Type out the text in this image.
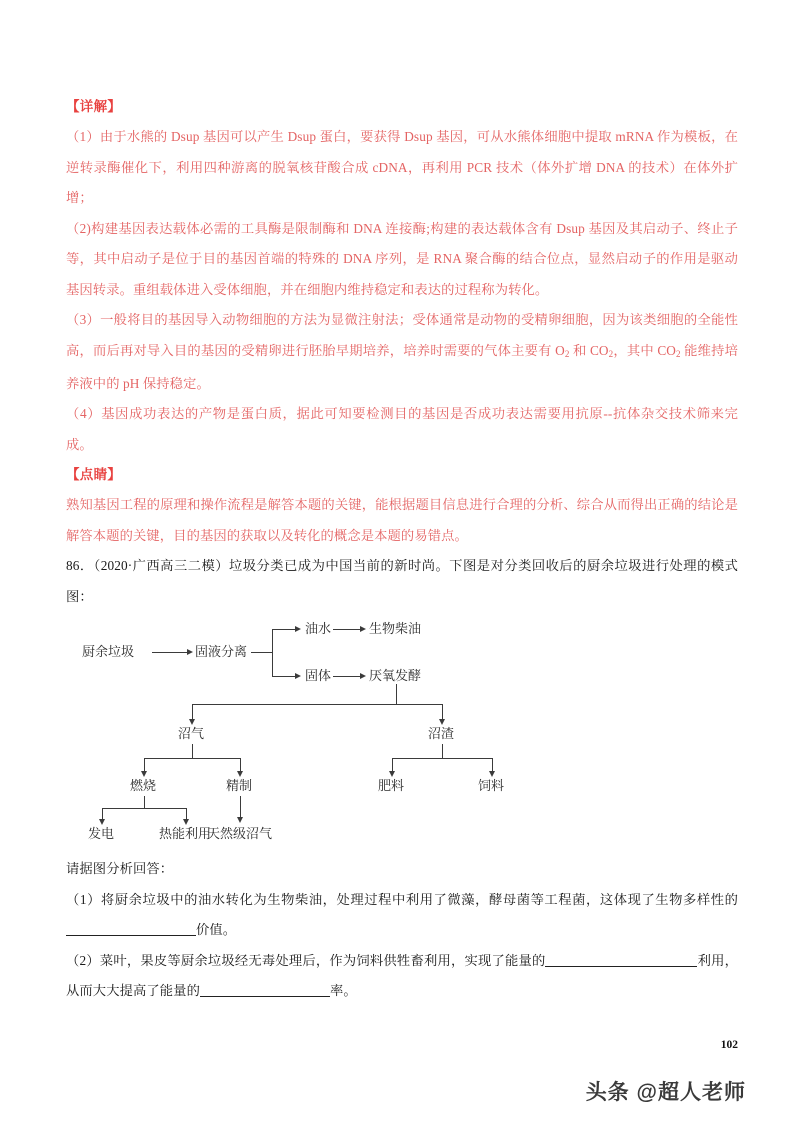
【详解】
（1）由于水熊的 Dsup 基因可以产生 Dsup 蛋白，要获得 Dsup 基因，可从水熊体细胞中提取 mRNA 作为模板，在逆转录酶催化下，利用四种游离的脱氧核苷酸合成 cDNA，再利用 PCR 技术（体外扩增 DNA 的技术）在体外扩增；
（2)构建基因表达载体必需的工具酶是限制酶和 DNA 连接酶;构建的表达载体含有 Dsup 基因及其启动子、终止子等，其中启动子是位于目的基因首端的特殊的 DNA 序列，是 RNA 聚合酶的结合位点，显然启动子的作用是驱动基因转录。重组载体进入受体细胞，并在细胞内维持稳定和表达的过程称为转化。
（3）一般将目的基因导入动物细胞的方法为显微注射法；受体通常是动物的受精卵细胞，因为该类细胞的全能性高，而后再对导入目的基因的受精卵进行胚胎早期培养，培养时需要的气体主要有 $O_2$ 和 $CO_2$，其中 $CO_2$ 能维持培养液中的 pH 保持稳定。
（4）基因成功表达的产物是蛋白质，据此可知要检测目的基因是否成功表达需要用抗原--抗体杂交技术筛来完成。
【点睛】
熟知基因工程的原理和操作流程是解答本题的关键，能根据题目信息进行合理的分析、综合从而得出正确的结论是解答本题的关键，目的基因的获取以及转化的概念是本题的易错点。
86．（2020·广西高三二模）垃圾分类已成为中国当前的新时尚。下图是对分类回收后的厨余垃圾进行处理的模式图：
厨余垃圾	固液分离
油水	生物柴油
固体	厌氧发酵
沼气	沼渣
燃烧	精制	肥料	饲料
发电	热能利用
天然级沼气
请据图分析回答：
（1）将厨余垃圾中的油水转化为生物柴油，处理过程中利用了微藻，酵母菌等工程菌，这体现了生物多样性的价值。
（2）菜叶，果皮等厨余垃圾经无毒处理后，作为饲料供牲畜利用，实现了能量的	利用，从而大大提高了能量的	率。
102
头条 @超人老师
